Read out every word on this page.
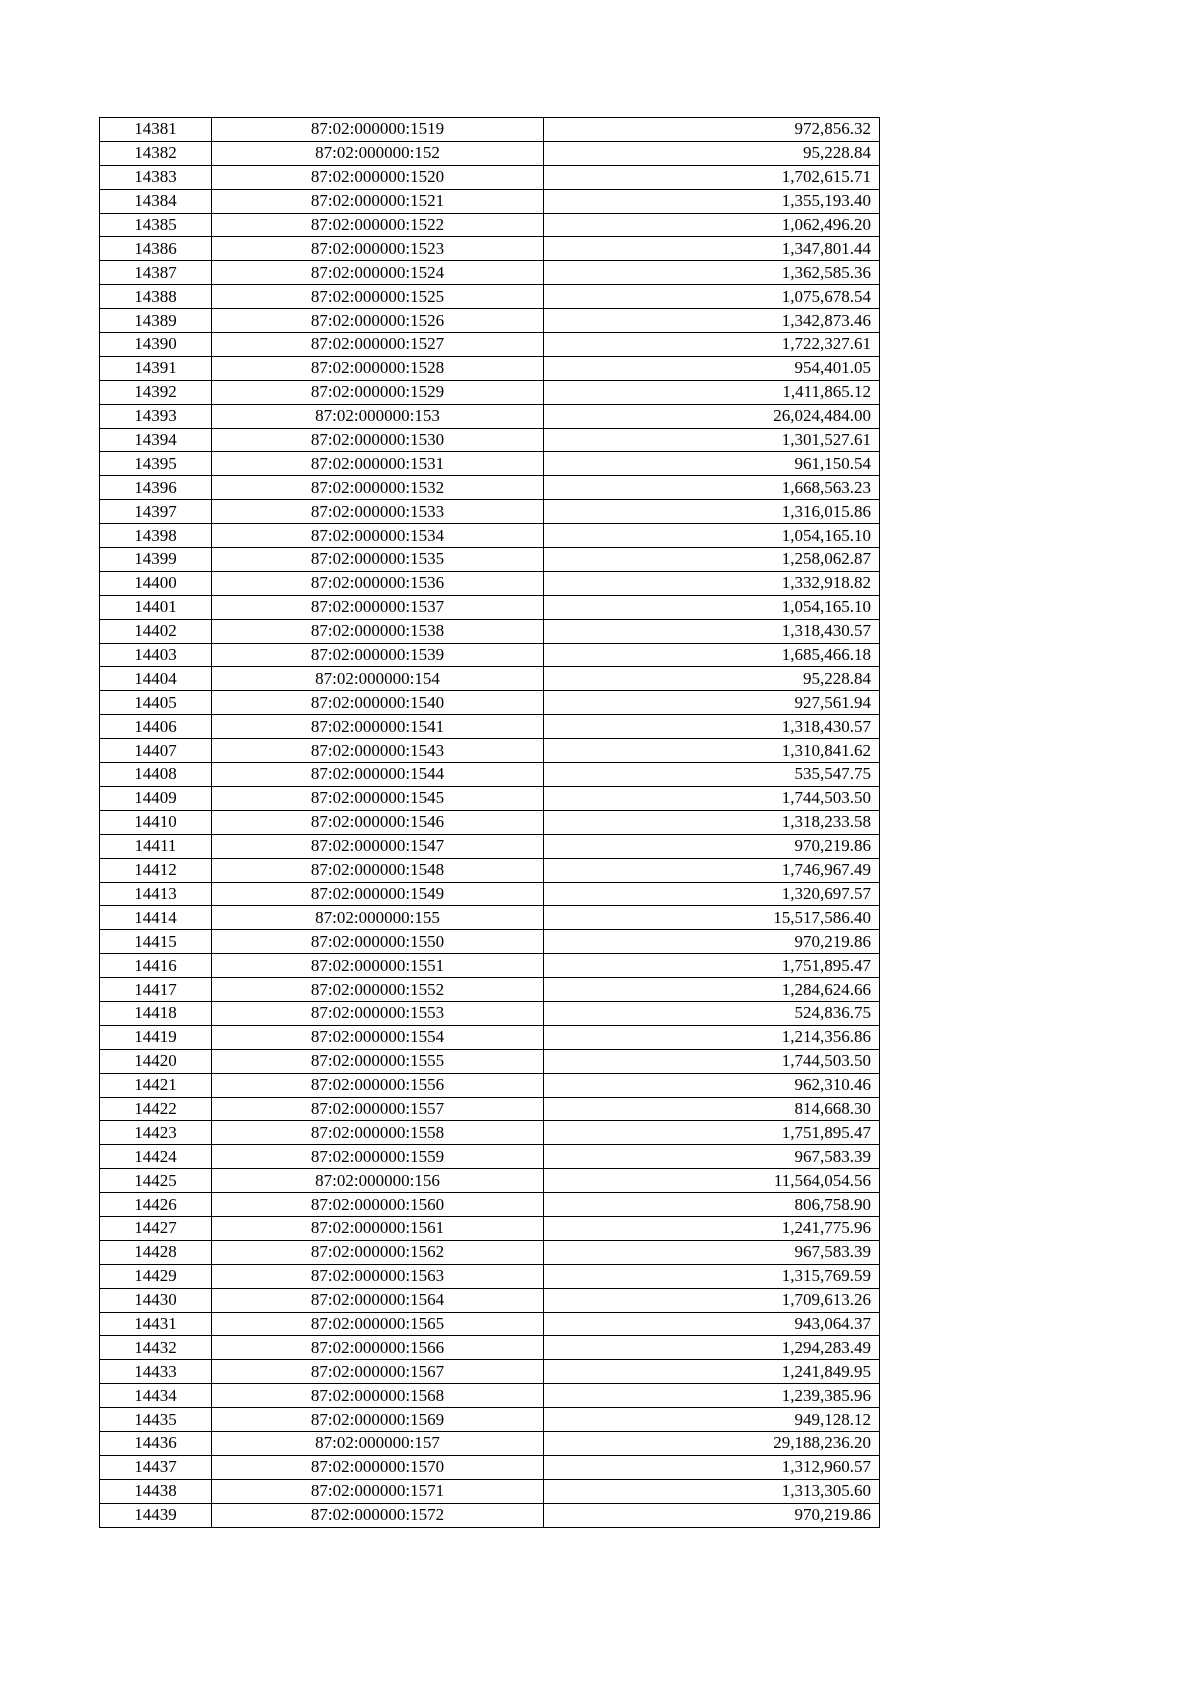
14381	87:02:000000:1519	972,856.32
14382	87:02:000000:152	95,228.84
14383	87:02:000000:1520	1,702,615.71
14384	87:02:000000:1521	1,355,193.40
14385	87:02:000000:1522	1,062,496.20
14386	87:02:000000:1523	1,347,801.44
14387	87:02:000000:1524	1,362,585.36
14388	87:02:000000:1525	1,075,678.54
14389	87:02:000000:1526	1,342,873.46
14390	87:02:000000:1527	1,722,327.61
14391	87:02:000000:1528	954,401.05
14392	87:02:000000:1529	1,411,865.12
14393	87:02:000000:153	26,024,484.00
14394	87:02:000000:1530	1,301,527.61
14395	87:02:000000:1531	961,150.54
14396	87:02:000000:1532	1,668,563.23
14397	87:02:000000:1533	1,316,015.86
14398	87:02:000000:1534	1,054,165.10
14399	87:02:000000:1535	1,258,062.87
14400	87:02:000000:1536	1,332,918.82
14401	87:02:000000:1537	1,054,165.10
14402	87:02:000000:1538	1,318,430.57
14403	87:02:000000:1539	1,685,466.18
14404	87:02:000000:154	95,228.84
14405	87:02:000000:1540	927,561.94
14406	87:02:000000:1541	1,318,430.57
14407	87:02:000000:1543	1,310,841.62
14408	87:02:000000:1544	535,547.75
14409	87:02:000000:1545	1,744,503.50
14410	87:02:000000:1546	1,318,233.58
14411	87:02:000000:1547	970,219.86
14412	87:02:000000:1548	1,746,967.49
14413	87:02:000000:1549	1,320,697.57
14414	87:02:000000:155	15,517,586.40
14415	87:02:000000:1550	970,219.86
14416	87:02:000000:1551	1,751,895.47
14417	87:02:000000:1552	1,284,624.66
14418	87:02:000000:1553	524,836.75
14419	87:02:000000:1554	1,214,356.86
14420	87:02:000000:1555	1,744,503.50
14421	87:02:000000:1556	962,310.46
14422	87:02:000000:1557	814,668.30
14423	87:02:000000:1558	1,751,895.47
14424	87:02:000000:1559	967,583.39
14425	87:02:000000:156	11,564,054.56
14426	87:02:000000:1560	806,758.90
14427	87:02:000000:1561	1,241,775.96
14428	87:02:000000:1562	967,583.39
14429	87:02:000000:1563	1,315,769.59
14430	87:02:000000:1564	1,709,613.26
14431	87:02:000000:1565	943,064.37
14432	87:02:000000:1566	1,294,283.49
14433	87:02:000000:1567	1,241,849.95
14434	87:02:000000:1568	1,239,385.96
14435	87:02:000000:1569	949,128.12
14436	87:02:000000:157	29,188,236.20
14437	87:02:000000:1570	1,312,960.57
14438	87:02:000000:1571	1,313,305.60
14439	87:02:000000:1572	970,219.86
